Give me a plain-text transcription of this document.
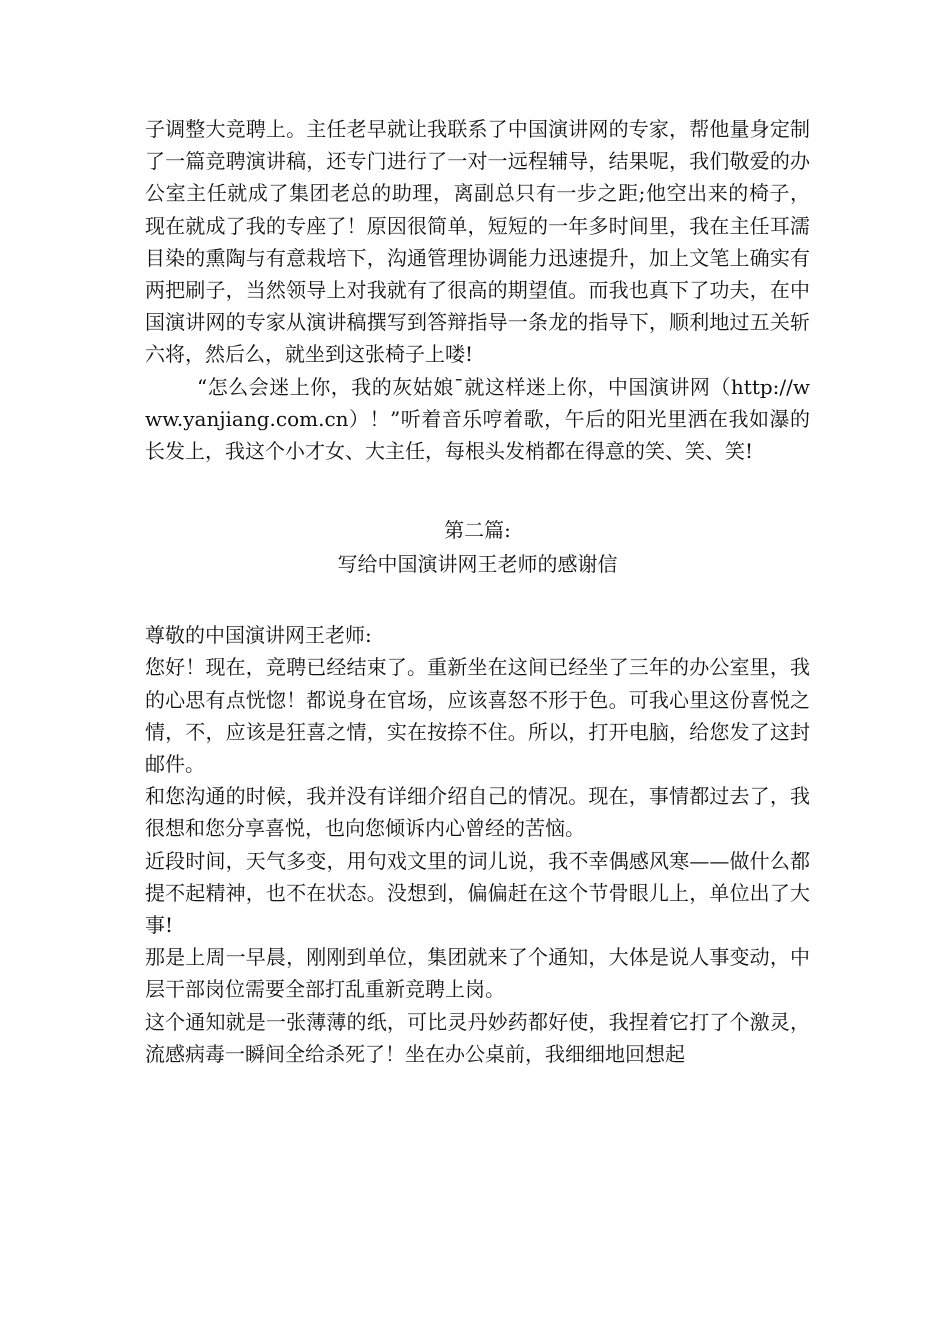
子调整大竞聘上。主任老早就让我联系了中国演讲网的专家，帮他量身定制了一篇竞聘演讲稿，还专门进行了一对一远程辅导，结果呢，我们敬爱的办公室主任就成了集团老总的助理，离副总只有一步之距;他空出来的椅子，现在就成了我的专座了！原因很简单，短短的一年多时间里，我在主任耳濡目染的熏陶与有意栽培下，沟通管理协调能力迅速提升，加上文笔上确实有两把刷子，当然领导上对我就有了很高的期望值。而我也真下了功夫，在中国演讲网的专家从演讲稿撰写到答辩指导一条龙的指导下，顺利地过五关斩六将，然后么，就坐到这张椅子上喽!

“怎么会迷上你，我的灰姑娘¯就这样迷上你，中国演讲网（http://www.yanjiang.com.cn）！”听着音乐哼着歌，午后的阳光里洒在我如瀑的长发上，我这个小才女、大主任，每根头发梢都在得意的笑、笑、笑!

第二篇:

写给中国演讲网王老师的感谢信

尊敬的中国演讲网王老师:

您好！现在，竞聘已经结束了。重新坐在这间已经坐了三年的办公室里，我的心思有点恍惚！都说身在官场，应该喜怒不形于色。可我心里这份喜悦之情，不，应该是狂喜之情，实在按捺不住。所以，打开电脑，给您发了这封邮件。

和您沟通的时候，我并没有详细介绍自己的情况。现在，事情都过去了，我很想和您分享喜悦，也向您倾诉内心曾经的苦恼。

近段时间，天气多变，用句戏文里的词儿说，我不幸偶感风寒——做什么都提不起精神，也不在状态。没想到，偏偏赶在这个节骨眼儿上，单位出了大事!

那是上周一早晨，刚刚到单位，集团就来了个通知，大体是说人事变动，中层干部岗位需要全部打乱重新竞聘上岗。

这个通知就是一张薄薄的纸，可比灵丹妙药都好使，我捏着它打了个激灵，流感病毒一瞬间全给杀死了！坐在办公桌前，我细细地回想起
